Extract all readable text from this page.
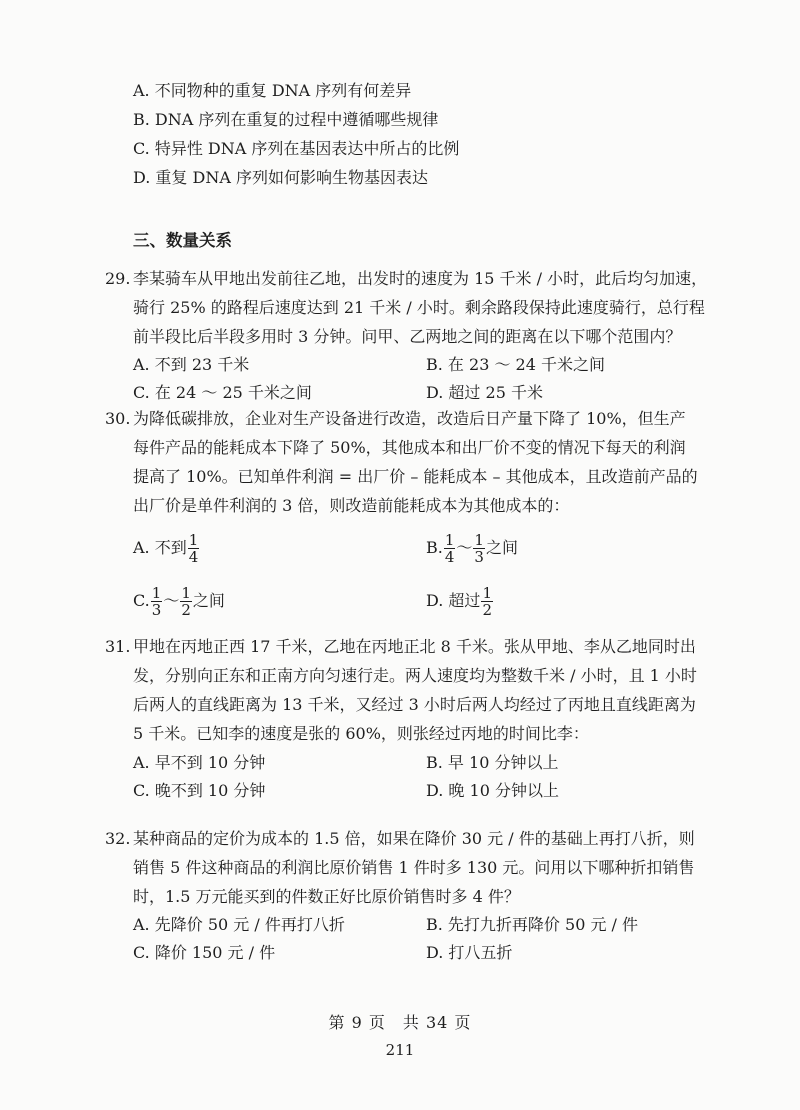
A. 不同物种的重复 DNA 序列有何差异
B. DNA 序列在重复的过程中遵循哪些规律
C. 特异性 DNA 序列在基因表达中所占的比例
D. 重复 DNA 序列如何影响生物基因表达
三、数量关系
29. 李某骑车从甲地出发前往乙地，出发时的速度为 15 千米 / 小时，此后均匀加速，
骑行 25% 的路程后速度达到 21 千米 / 小时。剩余路段保持此速度骑行，总行程
前半段比后半段多用时 3 分钟。问甲、乙两地之间的距离在以下哪个范围内？
A. 不到 23 千米	B. 在 23 ～ 24 千米之间
C. 在 24 ～ 25 千米之间	D. 超过 25 千米
30. 为降低碳排放，企业对生产设备进行改造，改造后日产量下降了 10%，但生产
每件产品的能耗成本下降了 50%，其他成本和出厂价不变的情况下每天的利润
提高了 10%。已知单件利润 = 出厂价 – 能耗成本 – 其他成本，且改造前产品的
出厂价是单件利润的 3 倍，则改造前能耗成本为其他成本的：
A. 不到 $\frac{1}{4}$	B. $\frac{1}{4}$ ～ $\frac{1}{3}$ 之间
C. $\frac{1}{3}$ ～ $\frac{1}{2}$ 之间	D. 超过 $\frac{1}{2}$
31. 甲地在丙地正西 17 千米，乙地在丙地正北 8 千米。张从甲地、李从乙地同时出
发，分别向正东和正南方向匀速行走。两人速度均为整数千米 / 小时，且 1 小时
后两人的直线距离为 13 千米，又经过 3 小时后两人均经过了丙地且直线距离为
5 千米。已知李的速度是张的 60%，则张经过丙地的时间比李：
A. 早不到 10 分钟	B. 早 10 分钟以上
C. 晚不到 10 分钟	D. 晚 10 分钟以上
32. 某种商品的定价为成本的 1.5 倍，如果在降价 30 元 / 件的基础上再打八折，则
销售 5 件这种商品的利润比原价销售 1 件时多 130 元。问用以下哪种折扣销售
时，1.5 万元能买到的件数正好比原价销售时多 4 件？
A. 先降价 50 元 / 件再打八折	B. 先打九折再降价 50 元 / 件
C. 降价 150 元 / 件	D. 打八五折
第 9 页　共 34 页
211
